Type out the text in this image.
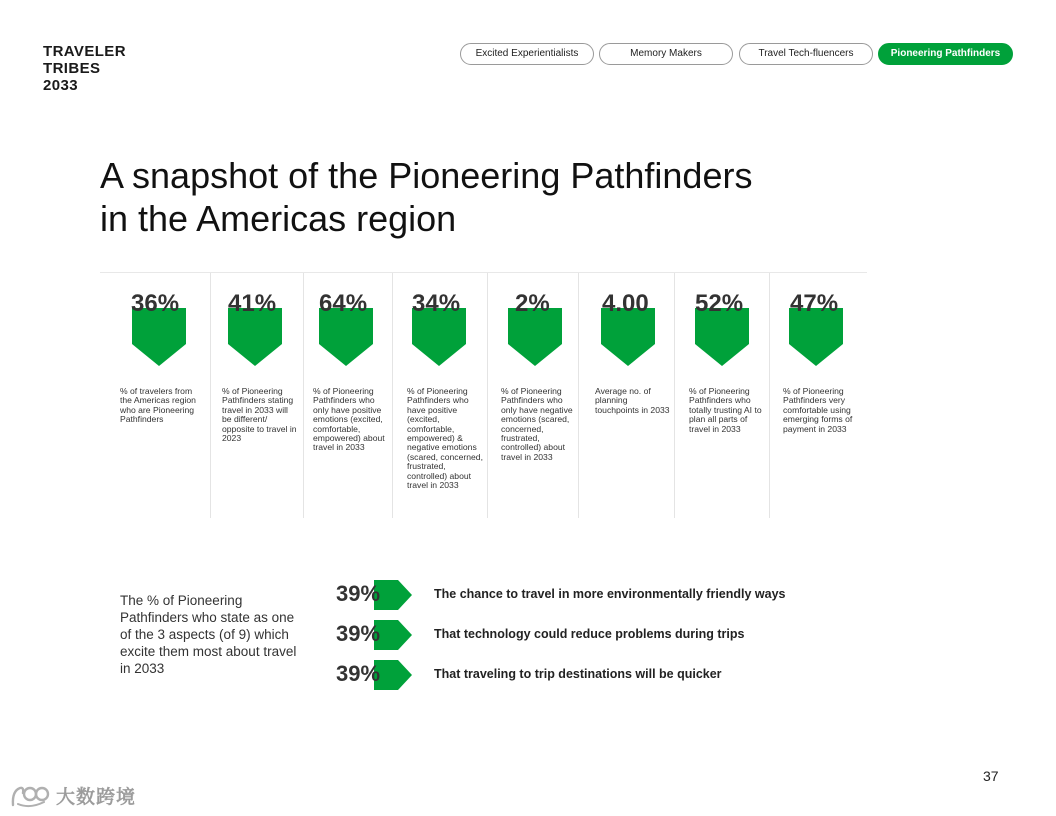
TRAVELER
TRIBES
2033
Excited Experientialists	Memory Makers	Travel Tech-fluencers	Pioneering Pathfinders
A snapshot of the Pioneering Pathfinders
in the Americas region
36%

% of travelers from the Americas region who are Pioneering Pathfinders

41%

% of Pioneering Pathfinders stating travel in 2033 will be different/ opposite to travel in 2023

64%

% of Pioneering Pathfinders who only have positive emotions (excited, comfortable, empowered) about travel in 2033

34%

% of Pioneering Pathfinders who have positive (excited, comfortable, empowered) & negative emotions (scared, concerned, frustrated, controlled) about travel in 2033

2%

% of Pioneering Pathfinders who only have negative emotions (scared, concerned, frustrated, controlled) about travel in 2033

4.00

Average no. of planning touchpoints in 2033

52%

% of Pioneering Pathfinders who totally trusting AI to plan all parts of travel in 2033

47%

% of Pioneering Pathfinders very comfortable using emerging forms of payment in 2033

The % of Pioneering Pathfinders who state as one of the 3 aspects (of 9) which excite them most about travel in 2033

39%	The chance to travel in more environmentally friendly ways
39%	That technology could reduce problems during trips
39%	That traveling to trip destinations will be quicker
37
大数跨境
